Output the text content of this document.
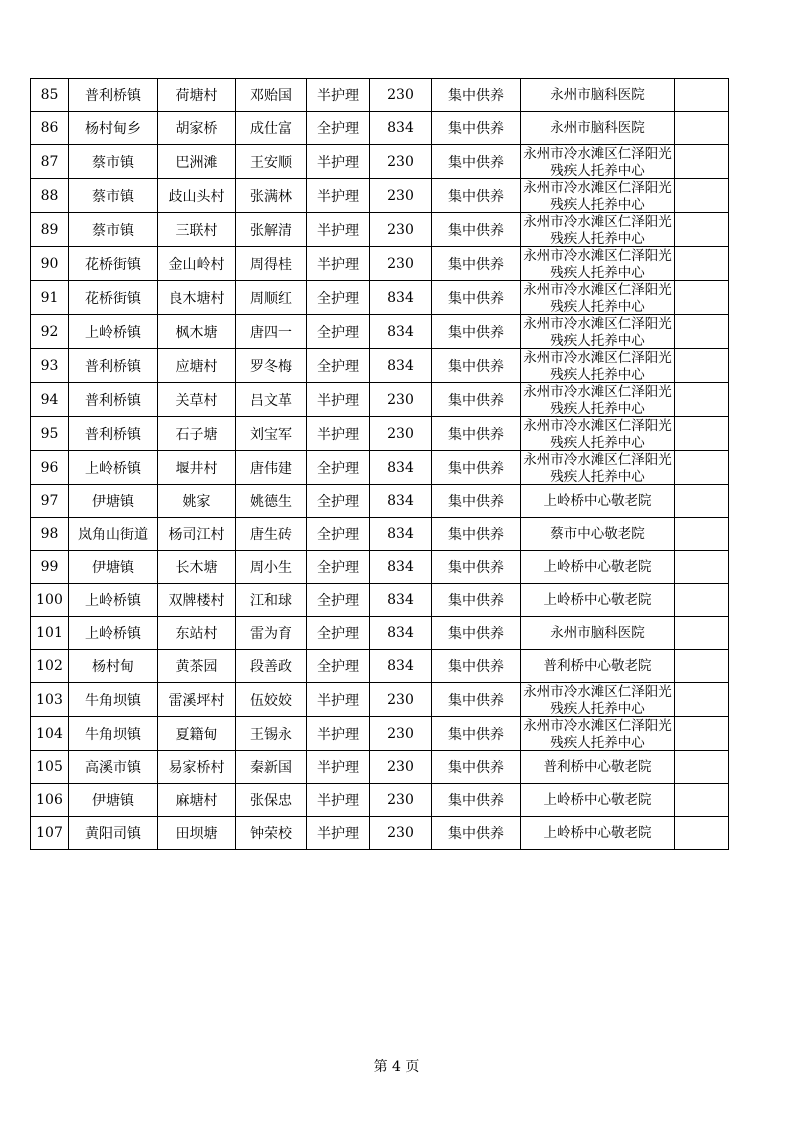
85	普利桥镇	荷塘村	邓贻国	半护理	230	集中供养	永州市脑科医院	

86	杨村甸乡	胡家桥	成仕富	全护理	834	集中供养	永州市脑科医院	

87	蔡市镇	巴洲滩	王安顺	半护理	230	集中供养	永州市冷水滩区仁泽阳光残疾人托养中心	

88	蔡市镇	歧山头村	张满林	半护理	230	集中供养	永州市冷水滩区仁泽阳光残疾人托养中心	

89	蔡市镇	三联村	张解清	半护理	230	集中供养	永州市冷水滩区仁泽阳光残疾人托养中心	

90	花桥街镇	金山岭村	周得桂	半护理	230	集中供养	永州市冷水滩区仁泽阳光残疾人托养中心	

91	花桥街镇	良木塘村	周顺红	全护理	834	集中供养	永州市冷水滩区仁泽阳光残疾人托养中心	

92	上岭桥镇	枫木塘	唐四一	全护理	834	集中供养	永州市冷水滩区仁泽阳光残疾人托养中心	

93	普利桥镇	应塘村	罗冬梅	全护理	834	集中供养	永州市冷水滩区仁泽阳光残疾人托养中心	

94	普利桥镇	关草村	吕文革	半护理	230	集中供养	永州市冷水滩区仁泽阳光残疾人托养中心	

95	普利桥镇	石子塘	刘宝军	半护理	230	集中供养	永州市冷水滩区仁泽阳光残疾人托养中心	

96	上岭桥镇	堰井村	唐伟建	全护理	834	集中供养	永州市冷水滩区仁泽阳光残疾人托养中心	

97	伊塘镇	姚家	姚德生	全护理	834	集中供养	上岭桥中心敬老院	

98	岚角山街道	杨司江村	唐生砖	全护理	834	集中供养	蔡市中心敬老院	

99	伊塘镇	长木塘	周小生	全护理	834	集中供养	上岭桥中心敬老院	

100	上岭桥镇	双牌楼村	江和球	全护理	834	集中供养	上岭桥中心敬老院	

101	上岭桥镇	东站村	雷为育	全护理	834	集中供养	永州市脑科医院	

102	杨村甸	黄茶园	段善政	全护理	834	集中供养	普利桥中心敬老院	

103	牛角坝镇	雷溪坪村	伍姣姣	半护理	230	集中供养	永州市冷水滩区仁泽阳光残疾人托养中心	

104	牛角坝镇	夏籍甸	王锡永	半护理	230	集中供养	永州市冷水滩区仁泽阳光残疾人托养中心	

105	高溪市镇	易家桥村	秦新国	半护理	230	集中供养	普利桥中心敬老院	

106	伊塘镇	麻塘村	张保忠	半护理	230	集中供养	上岭桥中心敬老院	

107	黄阳司镇	田坝塘	钟荣校	半护理	230	集中供养	上岭桥中心敬老院	

第 4 页
